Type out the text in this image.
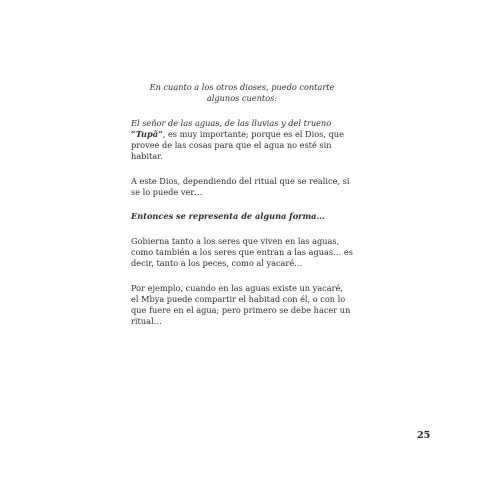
En cuanto a los otros dioses, puedo contarte
algunos cuentos:

El señor de las aguas, de las lluvias y del trueno
“Tupã”, es muy importante; porque es el Dios, que provee de las cosas para que el agua no esté sin habitar.

A este Dios, dependiendo del ritual que se realice, si se lo puede ver…

Entonces se representa de alguna forma…

Gobierna tanto a los seres que viven en las aguas, como también a los seres que entran a las aguas… es decir, tanto a los peces, como al yacaré…

Por ejemplo, cuando en las aguas existe un yacaré, el Mbya puede compartir el habitad con él, o con lo que fuere en el agua; pero primero se debe hacer un ritual…

25
